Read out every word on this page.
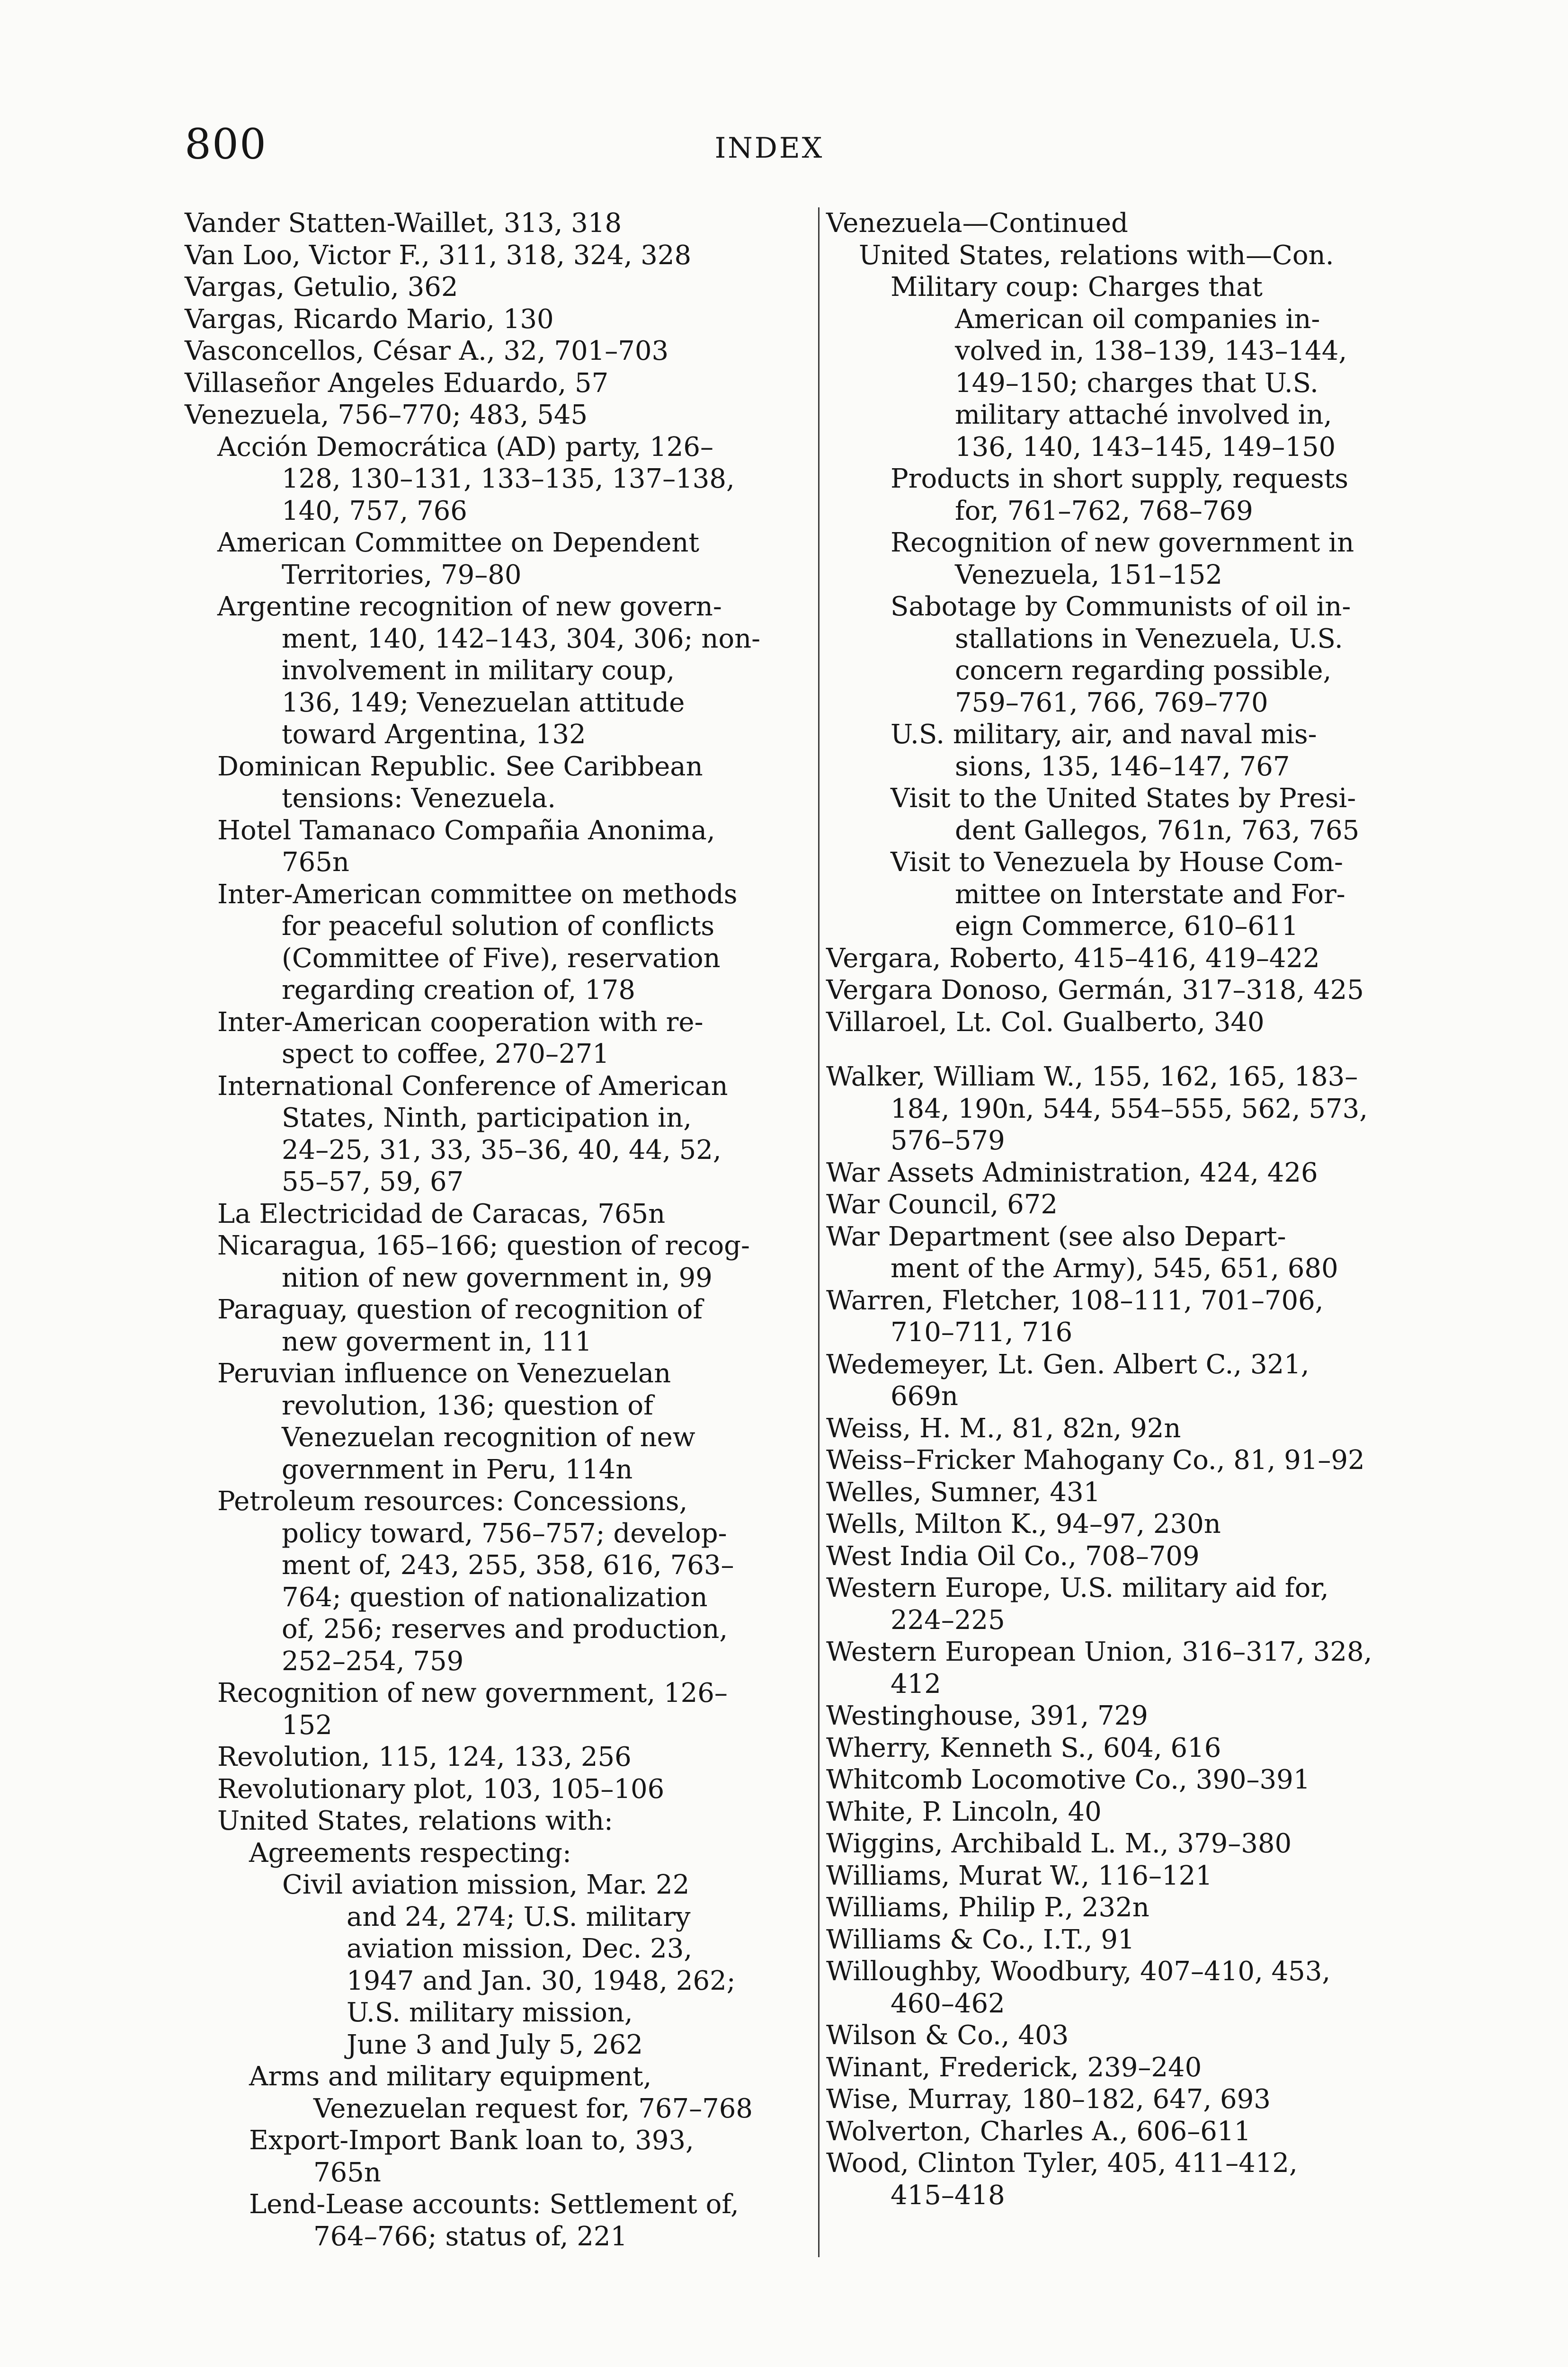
800	INDEX

Vander Statten-Waillet, 313, 318

Van Loo, Victor F., 311, 318, 324, 328

Vargas, Getulio, 362

Vargas, Ricardo Mario, 130

Vasconcellos, César A., 32, 701–703

Villaseñor Angeles Eduardo, 57

Venezuela, 756–770; 483, 545

Acción Democrática (AD) party, 126–
128, 130–131, 133–135, 137–138,
140, 757, 766

American Committee on Dependent
Territories, 79–80

Argentine recognition of new govern-
ment, 140, 142–143, 304, 306; non-
involvement in military coup,
136, 149; Venezuelan attitude
toward Argentina, 132

Dominican Republic. See Caribbean
tensions: Venezuela.

Hotel Tamanaco Compañia Anonima,
765n

Inter-American committee on methods
for peaceful solution of conflicts
(Committee of Five), reservation
regarding creation of, 178

Inter-American cooperation with re-
spect to coffee, 270–271

International Conference of American
States, Ninth, participation in,
24–25, 31, 33, 35–36, 40, 44, 52,
55–57, 59, 67

La Electricidad de Caracas, 765n

Nicaragua, 165–166; question of recog-
nition of new government in, 99

Paraguay, question of recognition of
new goverment in, 111

Peruvian influence on Venezuelan
revolution, 136; question of
Venezuelan recognition of new
government in Peru, 114n

Petroleum resources: Concessions,
policy toward, 756–757; develop-
ment of, 243, 255, 358, 616, 763–
764; question of nationalization
of, 256; reserves and production,
252–254, 759

Recognition of new government, 126–
152

Revolution, 115, 124, 133, 256

Revolutionary plot, 103, 105–106

United States, relations with:

Agreements respecting:

Civil aviation mission, Mar. 22
and 24, 274; U.S. military
aviation mission, Dec. 23,
1947 and Jan. 30, 1948, 262;
U.S. military mission,
June 3 and July 5, 262

Arms and military equipment,
Venezuelan request for, 767–768

Export-Import Bank loan to, 393,
765n

Lend-Lease accounts: Settlement of,
764–766; status of, 221

Venezuela—Continued

United States, relations with—Con.

Military coup: Charges that
American oil companies in-
volved in, 138–139, 143–144,
149–150; charges that U.S.
military attaché involved in,
136, 140, 143–145, 149–150

Products in short supply, requests
for, 761–762, 768–769

Recognition of new government in
Venezuela, 151–152

Sabotage by Communists of oil in-
stallations in Venezuela, U.S.
concern regarding possible,
759–761, 766, 769–770

U.S. military, air, and naval mis-
sions, 135, 146–147, 767

Visit to the United States by Presi-
dent Gallegos, 761n, 763, 765

Visit to Venezuela by House Com-
mittee on Interstate and For-
eign Commerce, 610–611

Vergara, Roberto, 415–416, 419–422

Vergara Donoso, Germán, 317–318, 425

Villaroel, Lt. Col. Gualberto, 340

Walker, William W., 155, 162, 165, 183–
184, 190n, 544, 554–555, 562, 573,
576–579

War Assets Administration, 424, 426

War Council, 672

War Department (see also Depart-
ment of the Army), 545, 651, 680

Warren, Fletcher, 108–111, 701–706,
710–711, 716

Wedemeyer, Lt. Gen. Albert C., 321,
669n

Weiss, H. M., 81, 82n, 92n

Weiss–Fricker Mahogany Co., 81, 91–92

Welles, Sumner, 431

Wells, Milton K., 94–97, 230n

West India Oil Co., 708–709

Western Europe, U.S. military aid for,
224–225

Western European Union, 316–317, 328,
412

Westinghouse, 391, 729

Wherry, Kenneth S., 604, 616

Whitcomb Locomotive Co., 390–391

White, P. Lincoln, 40

Wiggins, Archibald L. M., 379–380

Williams, Murat W., 116–121

Williams, Philip P., 232n

Williams & Co., I.T., 91

Willoughby, Woodbury, 407–410, 453,
460–462

Wilson & Co., 403

Winant, Frederick, 239–240

Wise, Murray, 180–182, 647, 693

Wolverton, Charles A., 606–611

Wood, Clinton Tyler, 405, 411–412,
415–418
